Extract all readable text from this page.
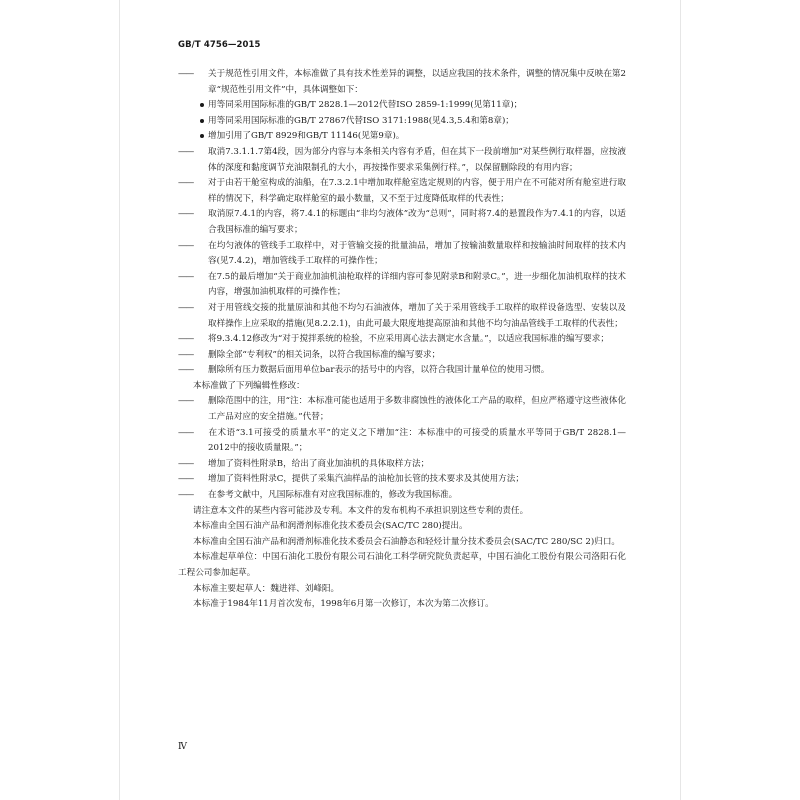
GB/T 4756—2015
—— 关于规范性引用文件，本标准做了具有技术性差异的调整，以适应我国的技术条件，调整的情况集中反映在第2章“规范性引用文件”中，具体调整如下：
用等同采用国际标准的GB/T 2828.1—2012代替ISO 2859-1:1999(见第11章)；
用等同采用国际标准的GB/T 27867代替ISO 3171:1988(见4.3,5.4和第8章)；
增加引用了GB/T 8929和GB/T 11146(见第9章)。
—— 取消7.3.1.1.7第4段，因为部分内容与本条相关内容有矛盾，但在其下一段前增加“对某些例行取样器，应按液体的深度和黏度调节充油限制孔的大小，再按操作要求采集例行样。”，以保留删除段的有用内容；
—— 对于由若干舱室构成的油船，在7.3.2.1中增加取样舱室选定规则的内容，便于用户在不可能对所有舱室进行取样的情况下，科学确定取样舱室的最小数量，又不至于过度降低取样的代表性；
—— 取消原7.4.1的内容，将7.4.1的标题由“非均匀液体”改为“总则”，同时将7.4的悬置段作为7.4.1的内容，以适合我国标准的编写要求；
—— 在均匀液体的管线手工取样中，对于管输交接的批量油品，增加了按输油数量取样和按输油时间取样的技术内容(见7.4.2)，增加管线手工取样的可操作性；
—— 在7.5的最后增加“关于商业加油机油枪取样的详细内容可参见附录B和附录C。”，进一步细化加油机取样的技术内容，增强加油机取样的可操作性；
—— 对于用管线交接的批量原油和其他不均匀石油液体，增加了关于采用管线手工取样的取样设备选型、安装以及取样操作上应采取的措施(见8.2.2.1)，由此可最大限度地提高原油和其他不均匀油品管线手工取样的代表性；
—— 将9.3.4.12修改为“对于搅拌系统的检验，不应采用离心法去测定水含量。”，以适应我国标准的编写要求；
—— 删除全部“专利权”的相关词条，以符合我国标准的编写要求；
—— 删除所有压力数据后面用单位bar表示的括号中的内容，以符合我国计量单位的使用习惯。
本标准做了下列编辑性修改：
—— 删除范围中的注，用“注：本标准可能也适用于多数非腐蚀性的液体化工产品的取样，但应严格遵守这些液体化工产品对应的安全措施。”代替；
—— 在术语“3.1可接受的质量水平”的定义之下增加“注：本标准中的可接受的质量水平等同于GB/T 2828.1—2012中的接收质量限。”；
—— 增加了资料性附录B，给出了商业加油机的具体取样方法；
—— 增加了资料性附录C，提供了采集汽油样品的油枪加长管的技术要求及其使用方法；
—— 在参考文献中，凡国际标准有对应我国标准的，修改为我国标准。
请注意本文件的某些内容可能涉及专利。本文件的发布机构不承担识别这些专利的责任。
本标准由全国石油产品和润滑剂标准化技术委员会(SAC/TC 280)提出。
本标准由全国石油产品和润滑剂标准化技术委员会石油静态和轻烃计量分技术委员会(SAC/TC 280/SC 2)归口。
本标准起草单位：中国石油化工股份有限公司石油化工科学研究院负责起草，中国石油化工股份有限公司洛阳石化工程公司参加起草。
本标准主要起草人：魏进祥、刘峰阳。
本标准于1984年11月首次发布，1998年6月第一次修订，本次为第二次修订。
Ⅳ
